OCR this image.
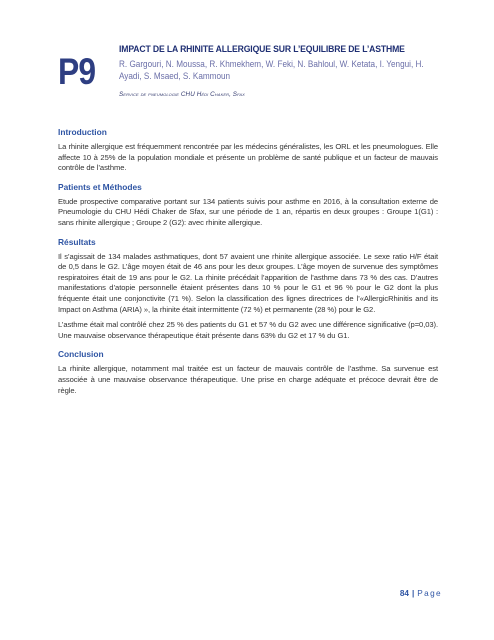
P9
IMPACT DE LA RHINITE ALLERGIQUE SUR L’EQUILIBRE DE L’ASTHME
R. Gargouri, N. Moussa, R. Khmekhem, W. Feki, N. Bahloul, W. Ketata, I. Yengui, H. Ayadi, S. Msaed, S. Kammoun
Service de pneumologie CHU Hédi Chaker, Sfax
Introduction

La rhinite allergique est fréquemment rencontrée par les médecins généralistes, les ORL et les pneumologues. Elle affecte 10 à 25% de la population mondiale et présente un problème de santé publique et un facteur de mauvais contrôle de l’asthme.

Patients et Méthodes

Etude prospective comparative portant sur 134 patients suivis pour asthme en 2016, à la consultation externe de Pneumologie du CHU Hédi Chaker de Sfax, sur une période de 1 an, répartis en deux groupes : Groupe 1(G1) : sans rhinite allergique ; Groupe 2 (G2): avec rhinite allergique.

Résultats

Il s’agissait de 134 malades asthmatiques, dont 57 avaient une rhinite allergique associée. Le sexe ratio H/F était de 0,5 dans le G2. L’âge moyen était de 46 ans pour les deux groupes. L’âge moyen de survenue des symptômes respiratoires était de 19 ans pour le G2. La rhinite précédait l’apparition de l’asthme dans 73 % des cas. D’autres manifestations d’atopie personnelle étaient présentes dans 10 % pour le G1 et 96 % pour le G2 dont la plus fréquente était une conjonctivite (71 %). Selon la classification des lignes directrices de l’«AllergicRhinitis and its Impact on Asthma (ARIA) », la rhinite était intermittente (72 %) et permanente (28 %) pour le G2.

L’asthme était mal contrôlé chez 25 % des patients du G1 et 57 % du G2 avec une différence significative (p=0,03). Une mauvaise observance thérapeutique était présente dans 63% du G2 et 17 % du G1.

Conclusion

La rhinite allergique, notamment mal traitée est un facteur de mauvais contrôle de l’asthme. Sa survenue est associée à une mauvaise observance thérapeutique. Une prise en charge adéquate et précoce devrait être de règle.

84 | Page
